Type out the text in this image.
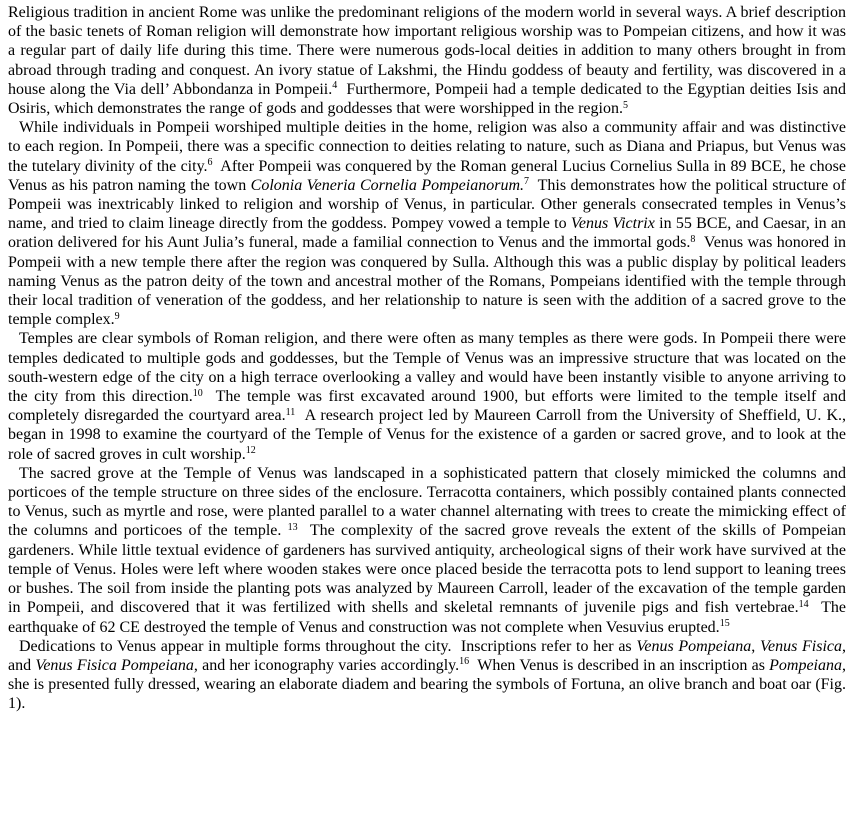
Religious tradition in ancient Rome was unlike the predominant religions of the modern world in several ways. A brief description of the basic tenets of Roman religion will demonstrate how important religious worship was to Pompeian citizens, and how it was a regular part of daily life during this time. There were numerous gods-local deities in addition to many others brought in from abroad through trading and conquest. An ivory statue of Lakshmi, the Hindu goddess of beauty and fertility, was discovered in a house along the Via dell’ Abbondanza in Pompeii.$^4$  Furthermore, Pompeii had a temple dedicated to the Egyptian deities Isis and Osiris, which demonstrates the range of gods and goddesses that were worshipped in the region.$^5$

While individuals in Pompeii worshiped multiple deities in the home, religion was also a community affair and was distinctive to each region. In Pompeii, there was a specific connection to deities relating to nature, such as Diana and Priapus, but Venus was the tutelary divinity of the city.$^6$  After Pompeii was conquered by the Roman general Lucius Cornelius Sulla in 89 BCE, he chose Venus as his patron naming the town Colonia Veneria Cornelia Pompeianorum.$^7$  This demonstrates how the political structure of Pompeii was inextricably linked to religion and worship of Venus, in particular. Other generals consecrated temples in Venus’s name, and tried to claim lineage directly from the goddess. Pompey vowed a temple to Venus Victrix in 55 BCE, and Caesar, in an oration delivered for his Aunt Julia’s funeral, made a familial connection to Venus and the immortal gods.$^8$  Venus was honored in Pompeii with a new temple there after the region was conquered by Sulla. Although this was a public display by political leaders naming Venus as the patron deity of the town and ancestral mother of the Romans, Pompeians identified with the temple through their local tradition of veneration of the goddess, and her relationship to nature is seen with the addition of a sacred grove to the temple complex.$^9$

Temples are clear symbols of Roman religion, and there were often as many temples as there were gods. In Pompeii there were temples dedicated to multiple gods and goddesses, but the Temple of Venus was an impressive structure that was located on the south-western edge of the city on a high terrace overlooking a valley and would have been instantly visible to anyone arriving to the city from this direction.$^{10}$  The temple was first excavated around 1900, but efforts were limited to the temple itself and completely disregarded the courtyard area.$^{11}$  A research project led by Maureen Carroll from the University of Sheffield, U. K., began in 1998 to examine the courtyard of the Temple of Venus for the existence of a garden or sacred grove, and to look at the role of sacred groves in cult worship.$^{12}$

The sacred grove at the Temple of Venus was landscaped in a sophisticated pattern that closely mimicked the columns and porticoes of the temple structure on three sides of the enclosure. Terracotta containers, which possibly contained plants connected to Venus, such as myrtle and rose, were planted parallel to a water channel alternating with trees to create the mimicking effect of the columns and porticoes of the temple. $^{13}$  The complexity of the sacred grove reveals the extent of the skills of Pompeian gardeners. While little textual evidence of gardeners has survived antiquity, archeological signs of their work have survived at the temple of Venus. Holes were left where wooden stakes were once placed beside the terracotta pots to lend support to leaning trees or bushes. The soil from inside the planting pots was analyzed by Maureen Carroll, leader of the excavation of the temple garden in Pompeii, and discovered that it was fertilized with shells and skeletal remnants of juvenile pigs and fish vertebrae.$^{14}$  The earthquake of 62 CE destroyed the temple of Venus and construction was not complete when Vesuvius erupted.$^{15}$

Dedications to Venus appear in multiple forms throughout the city.  Inscriptions refer to her as Venus Pompeiana, Venus Fisica, and Venus Fisica Pompeiana, and her iconography varies accordingly.$^{16}$  When Venus is described in an inscription as Pompeiana, she is presented fully dressed, wearing an elaborate diadem and bearing the symbols of Fortuna, an olive branch and boat oar (Fig. 1).
